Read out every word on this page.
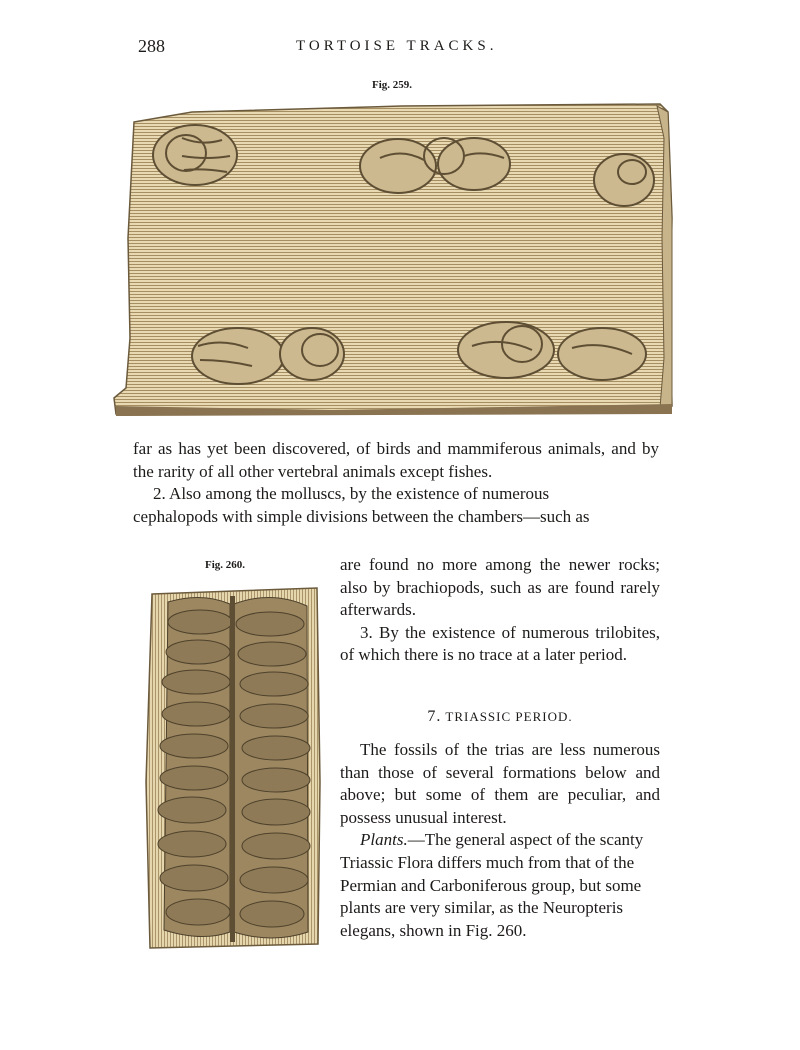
288	TORTOISE TRACKS.
Fig. 259.

far as has yet been discovered, of birds and mammiferous animals, and by the rarity of all other vertebral animals except fishes.

2. Also among the molluscs, by the existence of numerous

cephalopods with simple divisions between the chambers—such as

Fig. 260.	are found no more among the newer rocks; also by brachiopods, such as are found rarely afterwards.

3. By the existence of numerous trilobites, of which there is no trace at a later period.

7. TRIASSIC PERIOD.

The fossils of the trias are less numerous than those of several formations below and above; but some of them are peculiar, and possess unusual interest.

Plants.—The general aspect of the scanty Triassic Flora differs much from that of the Permian and Carboniferous group, but some plants are very similar, as the Neuropteris elegans, shown in Fig. 260.
